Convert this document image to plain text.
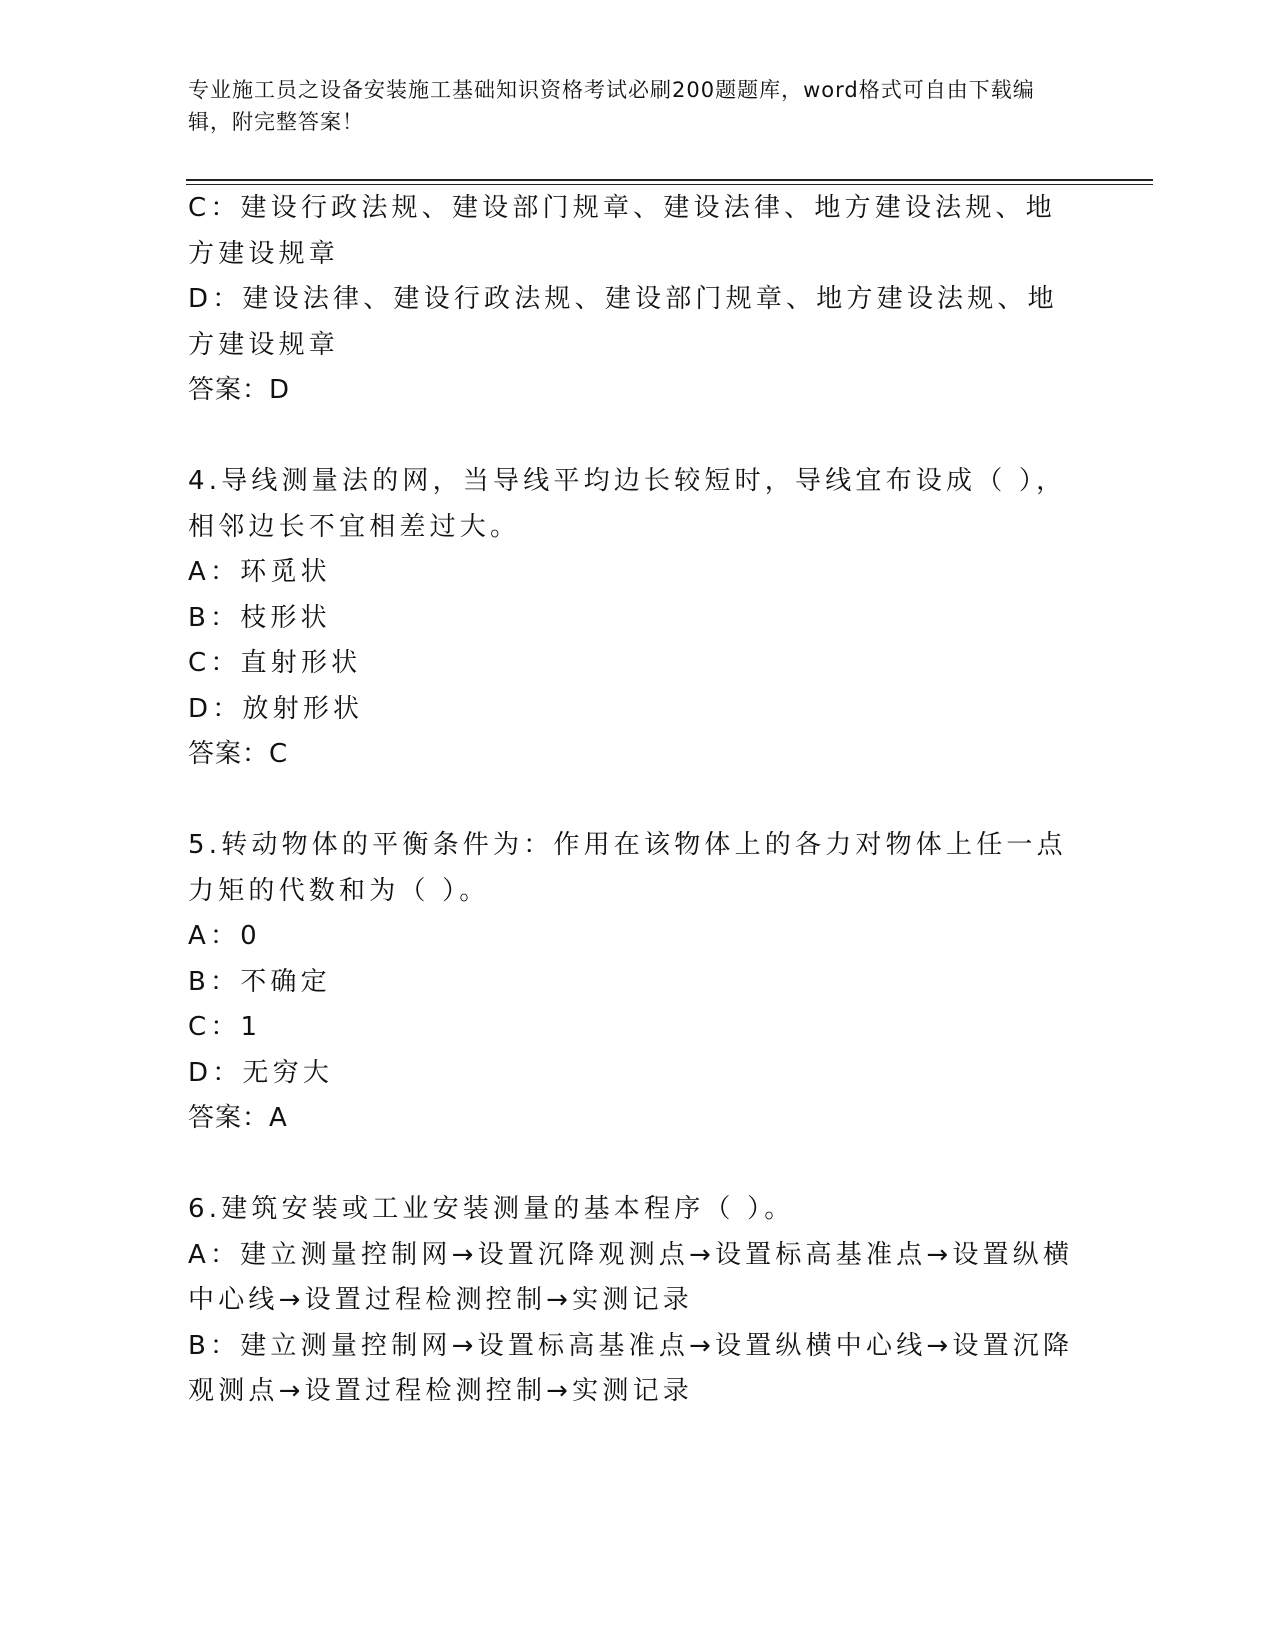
专业施工员之设备安装施工基础知识资格考试必刷200题题库，word格式可自由下载编辑，附完整答案！
C：建设行政法规、建设部门规章、建设法律、地方建设法规、地方建设规章
D：建设法律、建设行政法规、建设部门规章、地方建设法规、地方建设规章
答案：D
4.导线测量法的网，当导线平均边长较短时，导线宜布设成（ ），相邻边长不宜相差过大。
A：环觅状
B：枝形状
C：直射形状
D：放射形状
答案：C
5.转动物体的平衡条件为：作用在该物体上的各力对物体上任一点力矩的代数和为（ ）。
A：0
B：不确定
C：1
D：无穷大
答案：A
6.建筑安装或工业安装测量的基本程序（ ）。
A：建立测量控制网→设置沉降观测点→设置标高基准点→设置纵横中心线→设置过程检测控制→实测记录
B：建立测量控制网→设置标高基准点→设置纵横中心线→设置沉降观测点→设置过程检测控制→实测记录
